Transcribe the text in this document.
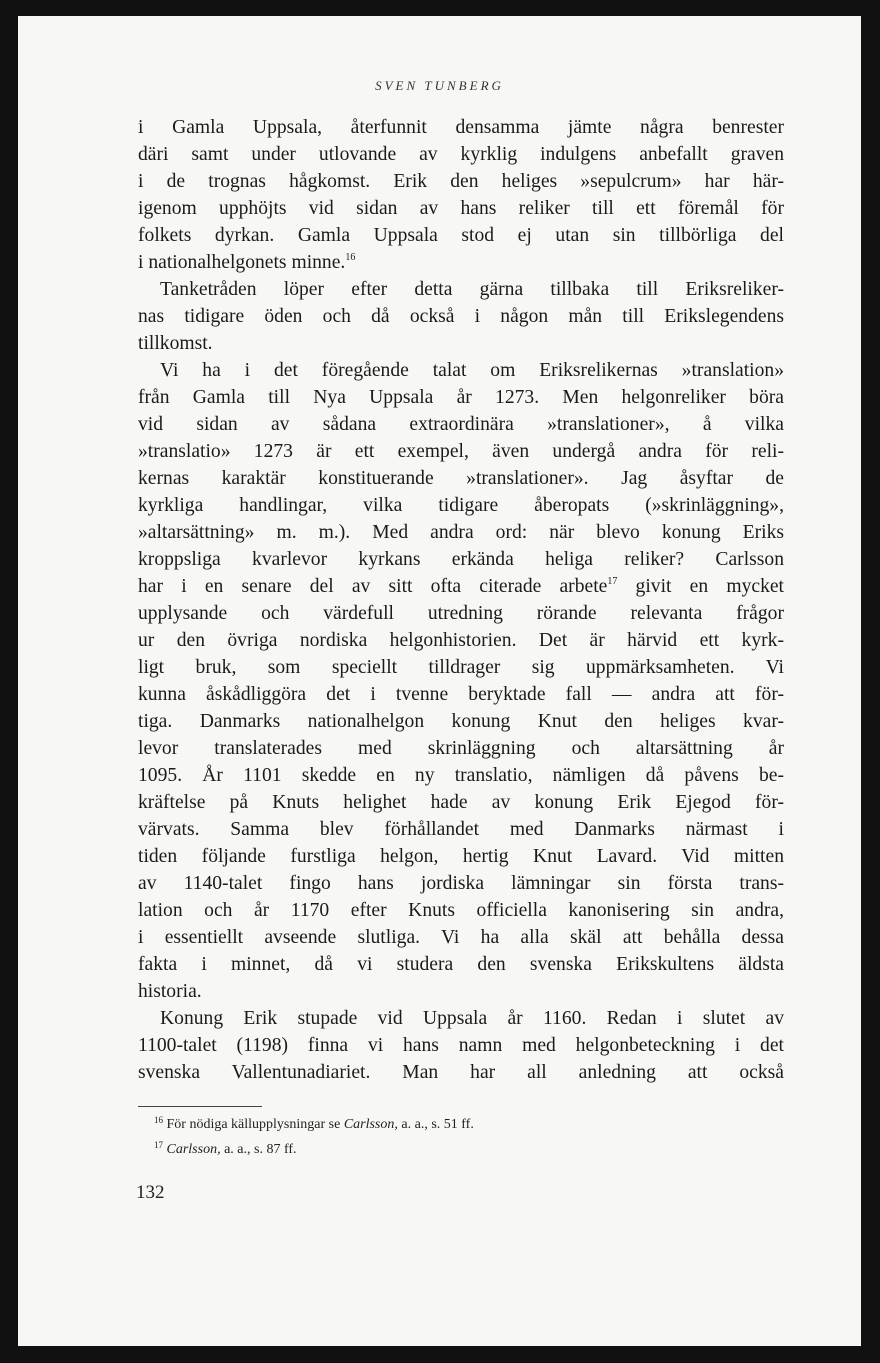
SVEN TUNBERG
i Gamla Uppsala, återfunnit densamma jämte några benrester
däri samt under utlovande av kyrklig indulgens anbefallt graven
i de trognas hågkomst. Erik den heliges »sepulcrum» har här-
igenom upphöjts vid sidan av hans reliker till ett föremål för
folkets dyrkan. Gamla Uppsala stod ej utan sin tillbörliga del
i nationalhelgonets minne.$^{16}$
Tanketråden löper efter detta gärna tillbaka till Eriksreliker-
nas tidigare öden och då också i någon mån till Erikslegendens
tillkomst.
Vi ha i det föregående talat om Eriksrelikernas »translation»
från Gamla till Nya Uppsala år 1273. Men helgonreliker böra
vid sidan av sådana extraordinära »translationer», å vilka
»translatio» 1273 är ett exempel, även undergå andra för reli-
kernas karaktär konstituerande »translationer». Jag åsyftar de
kyrkliga handlingar, vilka tidigare åberopats (»skrinläggning»,
»altarsättning» m. m.). Med andra ord: när blevo konung Eriks
kroppsliga kvarlevor kyrkans erkända heliga reliker? Carlsson
har i en senare del av sitt ofta citerade arbete$^{17}$ givit en mycket
upplysande och värdefull utredning rörande relevanta frågor
ur den övriga nordiska helgonhistorien. Det är härvid ett kyrk-
ligt bruk, som speciellt tilldrager sig uppmärksamheten. Vi
kunna åskådliggöra det i tvenne beryktade fall — andra att för-
tiga. Danmarks nationalhelgon konung Knut den heliges kvar-
levor translaterades med skrinläggning och altarsättning år
1095. År 1101 skedde en ny translatio, nämligen då påvens be-
kräftelse på Knuts helighet hade av konung Erik Ejegod för-
värvats. Samma blev förhållandet med Danmarks närmast i
tiden följande furstliga helgon, hertig Knut Lavard. Vid mitten
av 1140-talet fingo hans jordiska lämningar sin första trans-
lation och år 1170 efter Knuts officiella kanonisering sin andra,
i essentiellt avseende slutliga. Vi ha alla skäl att behålla dessa
fakta i minnet, då vi studera den svenska Erikskultens äldsta
historia.
Konung Erik stupade vid Uppsala år 1160. Redan i slutet av
1100-talet (1198) finna vi hans namn med helgonbeteckning i det
svenska Vallentunadiariet. Man har all anledning att också
$^{16}$ För nödiga källupplysningar se Carlsson, a. a., s. 51 ff.
$^{17}$ Carlsson, a. a., s. 87 ff.
132
